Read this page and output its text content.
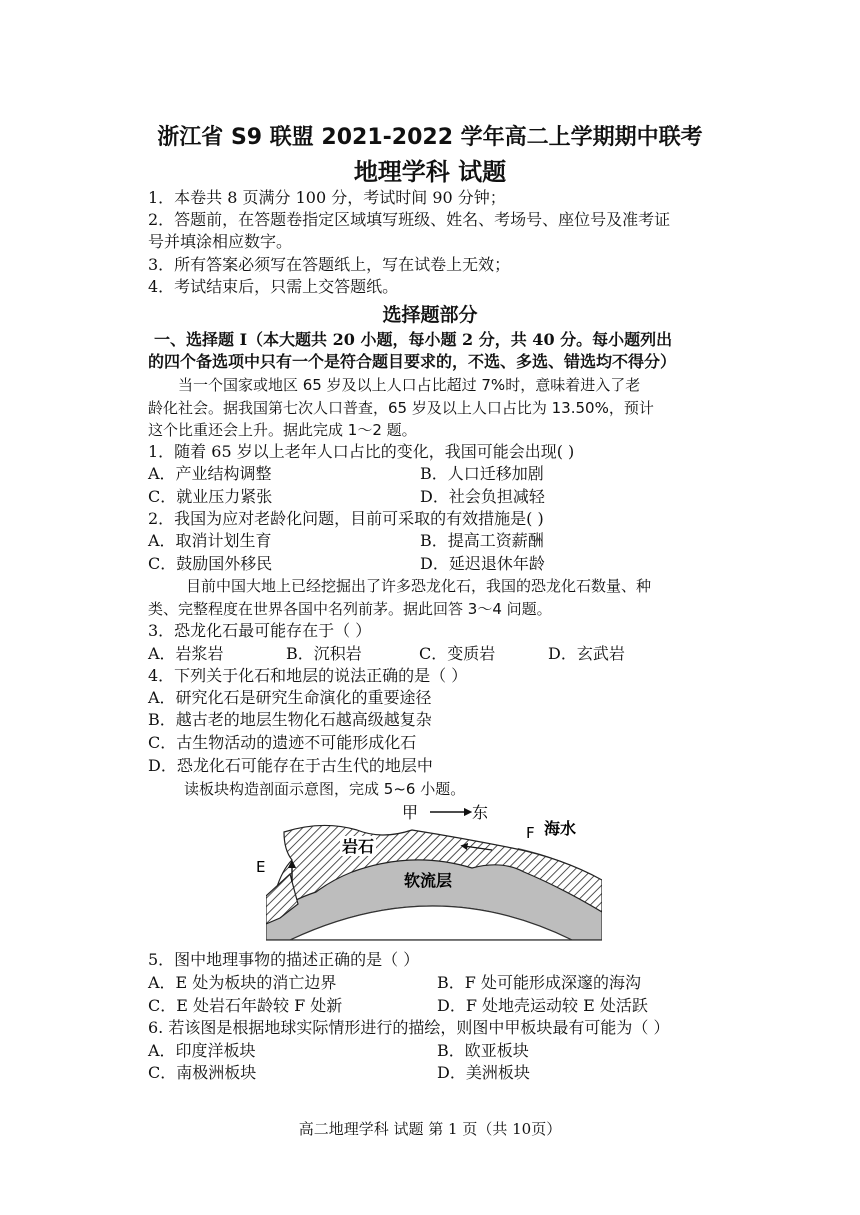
浙江省 S9 联盟 2021-2022 学年高二上学期期中联考
地理学科 试题
1．本卷共 8 页满分 100 分，考试时间 90 分钟；
2．答题前，在答题卷指定区域填写班级、姓名、考场号、座位号及准考证
号并填涂相应数字。
3．所有答案必须写在答题纸上，写在试卷上无效；
4．考试结束后，只需上交答题纸。
选择题部分
一、选择题 I（本大题共 20 小题，每小题 2 分，共 40 分。每小题列出
的四个备选项中只有一个是符合题目要求的，不选、多选、错选均不得分）
当一个国家或地区 65 岁及以上人口占比超过 7%时，意味着进入了老
龄化社会。据我国第七次人口普查，65 岁及以上人口占比为 13.50%，预计
这个比重还会上升。据此完成 1～2 题。
1．随着 65 岁以上老年人口占比的变化，我国可能会出现( )
A．产业结构调整	B．人口迁移加剧
C．就业压力紧张	D．社会负担减轻
2．我国为应对老龄化问题，目前可采取的有效措施是( )
A．取消计划生育	B．提高工资薪酬
C．鼓励国外移民	D．延迟退休年龄
目前中国大地上已经挖掘出了许多恐龙化石，我国的恐龙化石数量、种
类、完整程度在世界各国中名列前茅。据此回答 3～4 问题。
3．恐龙化石最可能存在于（ ）
A．岩浆岩	B．沉积岩	C．变质岩	D．玄武岩
4．下列关于化石和地层的说法正确的是（ ）
A．研究化石是研究生命演化的重要途径
B．越古老的地层生物化石越高级越复杂
C．古生物活动的遗迹不可能形成化石
D．恐龙化石可能存在于古生代的地层中
读板块构造剖面示意图，完成 5~6 小题。
甲	东
F 海水
岩石
E
软流层
5．图中地理事物的描述正确的是（ ）
A．E 处为板块的消亡边界	B．F 处可能形成深邃的海沟
C．E 处岩石年龄较 F 处新	D．F 处地壳运动较 E 处活跃
6. 若该图是根据地球实际情形进行的描绘，则图中甲板块最有可能为（ ）
A．印度洋板块	B．欧亚板块
C．南极洲板块	D．美洲板块
高二地理学科 试题 第 1 页（共 10页）
